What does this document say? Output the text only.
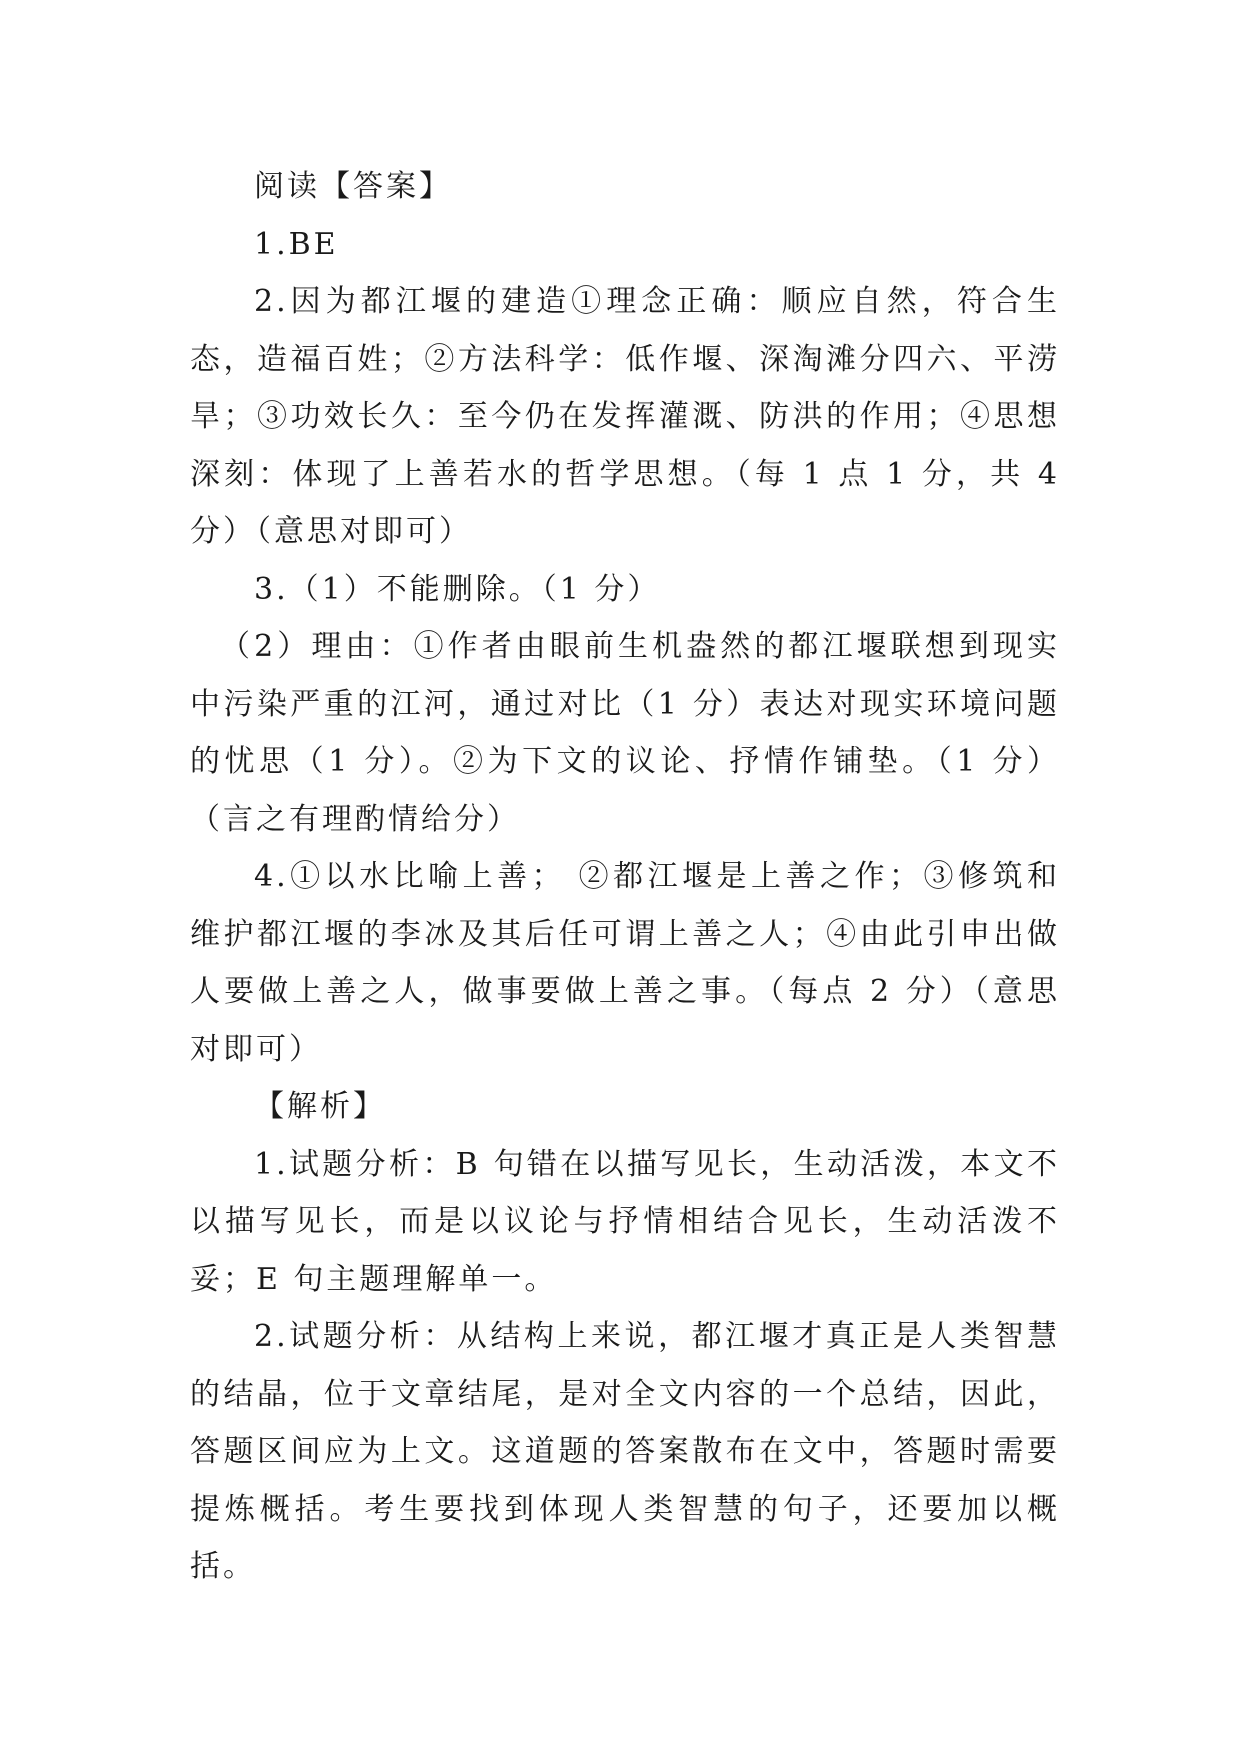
阅读【答案】

1.BE

2.因为都江堰的建造①理念正确：顺应自然，符合生态，造福百姓；②方法科学：低作堰、深淘滩分四六、平涝旱；③功效长久：至今仍在发挥灌溉、防洪的作用；④思想深刻：体现了上善若水的哲学思想。（每 1 点 1 分，共 4 分）（意思对即可）

3.（1）不能删除。（1 分）

（2）理由：①作者由眼前生机盎然的都江堰联想到现实中污染严重的江河，通过对比（1 分）表达对现实环境问题的忧思（1 分）。②为下文的议论、抒情作铺垫。（1 分）（言之有理酌情给分）

4.①以水比喻上善； ②都江堰是上善之作；③修筑和维护都江堰的李冰及其后任可谓上善之人；④由此引申出做人要做上善之人，做事要做上善之事。（每点 2 分）（意思对即可）

【解析】

1.试题分析：B 句错在以描写见长，生动活泼，本文不以描写见长，而是以议论与抒情相结合见长，生动活泼不妥；E 句主题理解单一。

2.试题分析：从结构上来说，都江堰才真正是人类智慧的结晶，位于文章结尾，是对全文内容的一个总结，因此，答题区间应为上文。这道题的答案散布在文中，答题时需要提炼概括。考生要找到体现人类智慧的句子，还要加以概括。
